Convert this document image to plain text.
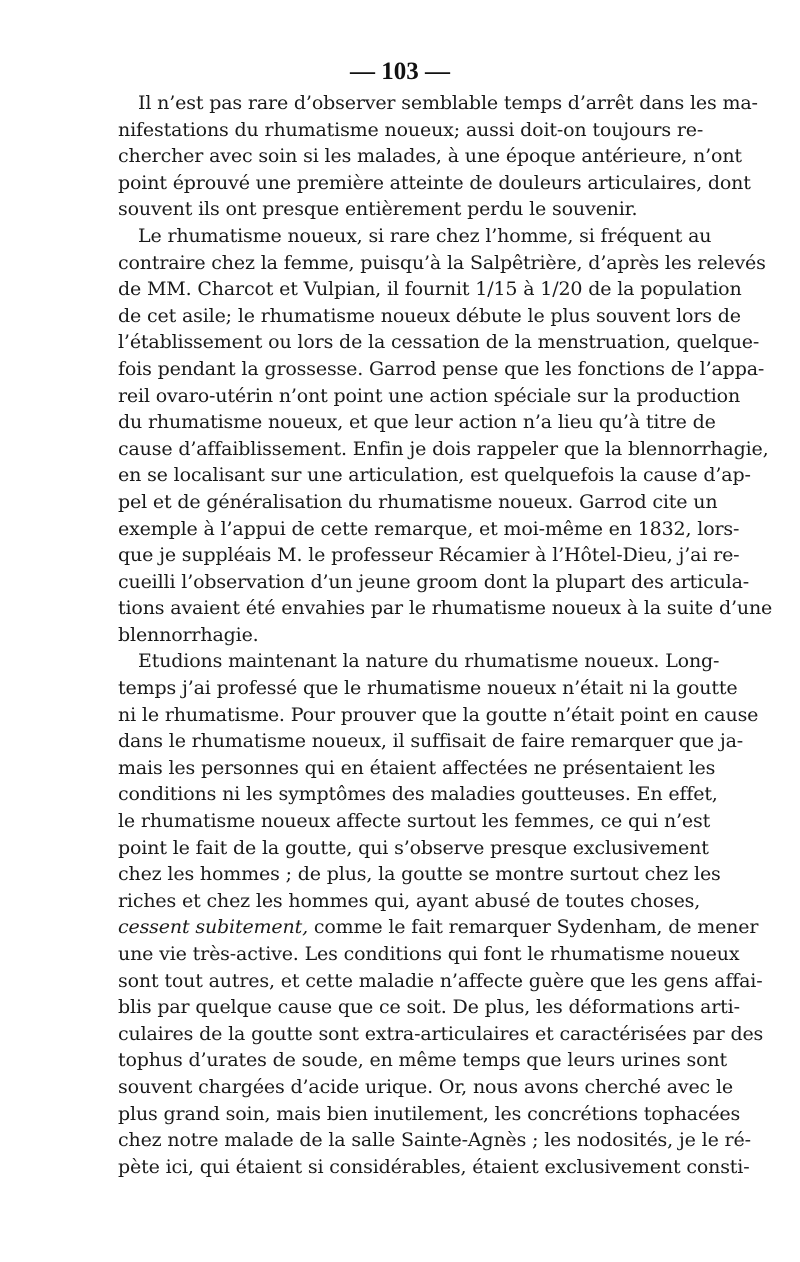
— 103 —
Il n’est pas rare d’observer semblable temps d’arrêt dans les ma-
nifestations du rhumatisme noueux; aussi doit-on toujours re-
chercher avec soin si les malades, à une époque antérieure, n’ont
point éprouvé une première atteinte de douleurs articulaires, dont
souvent ils ont presque entièrement perdu le souvenir.
Le rhumatisme noueux, si rare chez l’homme, si fréquent au
contraire chez la femme, puisqu’à la Salpêtrière, d’après les relevés
de MM. Charcot et Vulpian, il fournit 1/15 à 1/20 de la population
de cet asile; le rhumatisme noueux débute le plus souvent lors de
l’établissement ou lors de la cessation de la menstruation, quelque-
fois pendant la grossesse. Garrod pense que les fonctions de l’appa-
reil ovaro-utérin n’ont point une action spéciale sur la production
du rhumatisme noueux, et que leur action n’a lieu qu’à titre de
cause d’affaiblissement. Enfin je dois rappeler que la blennorrhagie,
en se localisant sur une articulation, est quelquefois la cause d’ap-
pel et de généralisation du rhumatisme noueux. Garrod cite un
exemple à l’appui de cette remarque, et moi-même en 1832, lors-
que je suppléais M. le professeur Récamier à l’Hôtel-Dieu, j’ai re-
cueilli l’observation d’un jeune groom dont la plupart des articula-
tions avaient été envahies par le rhumatisme noueux à la suite d’une
blennorrhagie.
Etudions maintenant la nature du rhumatisme noueux. Long-
temps j’ai professé que le rhumatisme noueux n’était ni la goutte
ni le rhumatisme. Pour prouver que la goutte n’était point en cause
dans le rhumatisme noueux, il suffisait de faire remarquer que ja-
mais les personnes qui en étaient affectées ne présentaient les
conditions ni les symptômes des maladies goutteuses. En effet,
le rhumatisme noueux affecte surtout les femmes, ce qui n’est
point le fait de la goutte, qui s’observe presque exclusivement
chez les hommes ; de plus, la goutte se montre surtout chez les
riches et chez les hommes qui, ayant abusé de toutes choses,
cessent subitement, comme le fait remarquer Sydenham, de mener
une vie très-active. Les conditions qui font le rhumatisme noueux
sont tout autres, et cette maladie n’affecte guère que les gens affai-
blis par quelque cause que ce soit. De plus, les déformations arti-
culaires de la goutte sont extra-articulaires et caractérisées par des
tophus d’urates de soude, en même temps que leurs urines sont
souvent chargées d’acide urique. Or, nous avons cherché avec le
plus grand soin, mais bien inutilement, les concrétions tophacées
chez notre malade de la salle Sainte-Agnès ; les nodosités, je le ré-
pète ici, qui étaient si considérables, étaient exclusivement consti-
